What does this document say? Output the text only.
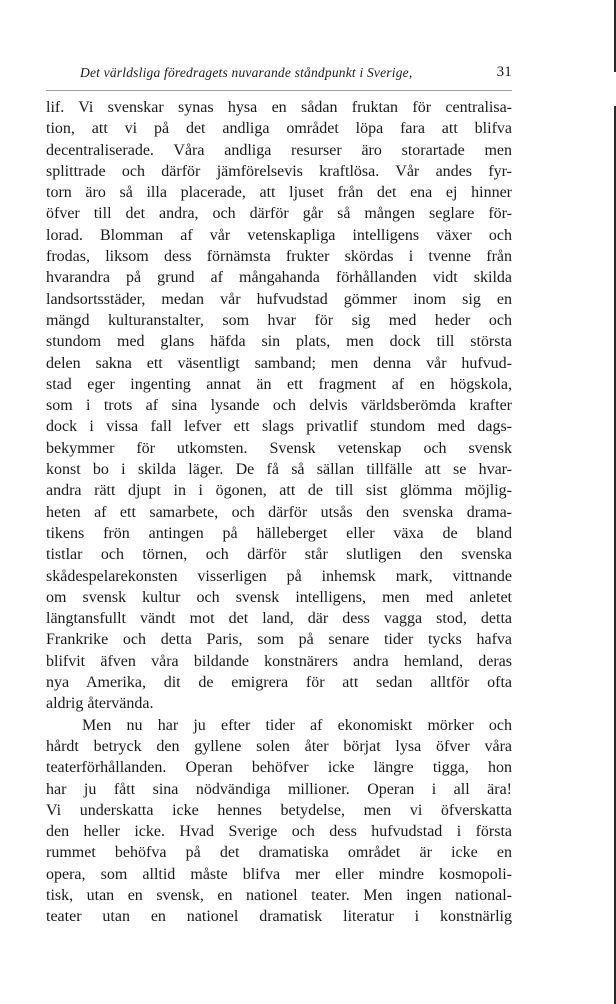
Det världsliga föredragets nuvarande ståndpunkt i Sverige,	31
lif. Vi svenskar synas hysa en sådan fruktan för centralisa-
tion, att vi på det andliga området löpa fara att blifva
decentraliserade. Våra andliga resurser äro storartade men
splittrade och därför jämförelsevis kraftlösa. Vår andes fyr-
torn äro så illa placerade, att ljuset från det ena ej hinner
öfver till det andra, och därför går så mången seglare för-
lorad. Blomman af vår vetenskapliga intelligens växer och
frodas, liksom dess förnämsta frukter skördas i tvenne från
hvarandra på grund af mångahanda förhållanden vidt skilda
landsortsstäder, medan vår hufvudstad gömmer inom sig en
mängd kulturanstalter, som hvar för sig med heder och
stundom med glans häfda sin plats, men dock till största
delen sakna ett väsentligt samband; men denna vår hufvud-
stad eger ingenting annat än ett fragment af en högskola,
som i trots af sina lysande och delvis världsberömda krafter
dock i vissa fall lefver ett slags privatlif stundom med dags-
bekymmer för utkomsten. Svensk vetenskap och svensk
konst bo i skilda läger. De få så sällan tillfälle att se hvar-
andra rätt djupt in i ögonen, att de till sist glömma möjlig-
heten af ett samarbete, och därför utsås den svenska drama-
tikens frön antingen på hälleberget eller växa de bland
tistlar och törnen, och därför står slutligen den svenska
skådespelarekonsten visserligen på inhemsk mark, vittnande
om svensk kultur och svensk intelligens, men med anletet
längtansfullt vändt mot det land, där dess vagga stod, detta
Frankrike och detta Paris, som på senare tider tycks hafva
blifvit äfven våra bildande konstnärers andra hemland, deras
nya Amerika, dit de emigrera för att sedan alltför ofta
aldrig återvända.
Men nu har ju efter tider af ekonomiskt mörker och
hårdt betryck den gyllene solen åter börjat lysa öfver våra
teaterförhållanden. Operan behöfver icke längre tigga, hon
har ju fått sina nödvändiga millioner. Operan i all ära!
Vi underskatta icke hennes betydelse, men vi öfverskatta
den heller icke. Hvad Sverige och dess hufvudstad i första
rummet behöfva på det dramatiska området är icke en
opera, som alltid måste blifva mer eller mindre kosmopoli-
tisk, utan en svensk, en nationel teater. Men ingen national-
teater utan en nationel dramatisk literatur i konstnärlig
